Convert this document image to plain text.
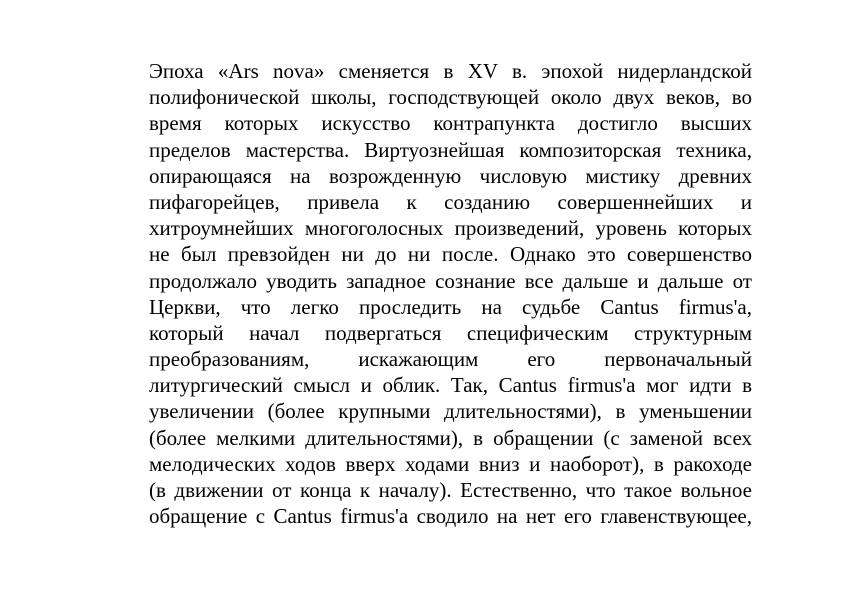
Эпоха «Ars nova» сменяется в XV в. эпохой нидерландской
полифонической школы, господствующей около двух веков, во
время которых искусство контрапункта достигло высших
пределов мастерства. Виртуознейшая композиторская техника,
опирающаяся на возрожденную числовую мистику древних
пифагорейцев, привела к созданию совершеннейших и
хитроумнейших многоголосных произведений, уровень которых
не был превзойден ни до ни после. Однако это совершенство
продолжало уводить западное сознание все дальше и дальше от
Церкви, что легко проследить на судьбе Cantus firmus'а,
который начал подвергаться специфическим структурным
преобразованиям, искажающим его первоначальный
литургический смысл и облик. Так, Cantus firmus'а мог идти в
увеличении (более крупными длительностями), в уменьшении
(более мелкими длительностями), в обращении (с заменой всех
мелодических ходов вверх ходами вниз и наоборот), в ракоходе
(в движении от конца к началу). Естественно, что такое вольное
обращение с Cantus firmus'а сводило на нет его главенствующее,
